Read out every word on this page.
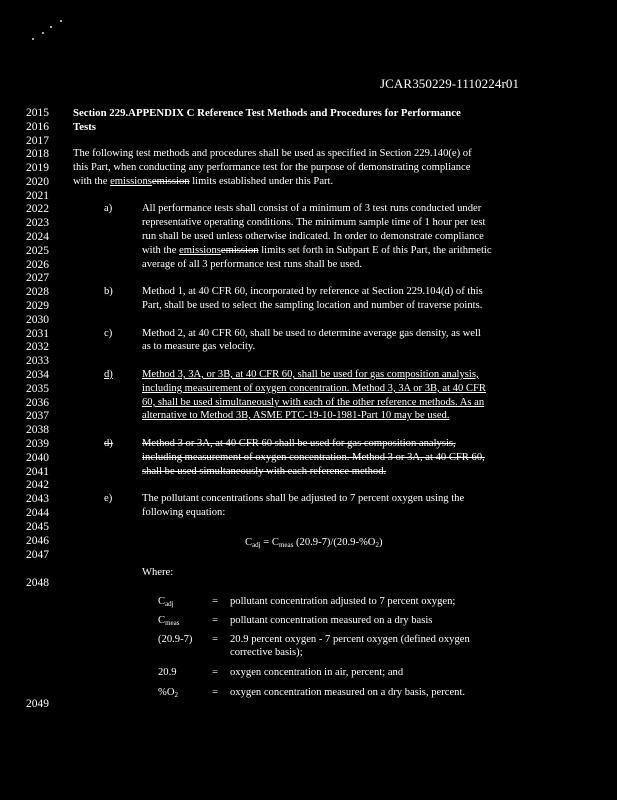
JCAR350229-1110224r01
2015
2016
2017
2018
2019
2020
2021
2022
2023
2024
2025
2026
2027
2028
2029
2030
2031
2032
2033
2034
2035
2036
2037
2038
2039
2040
2041
2042
2043
2044
2045
2046
2047
2048
2049
Section 229.APPENDIX C Reference Test Methods and Procedures for Performance
Tests
The following test methods and procedures shall be used as specified in Section 229.140(e) of
this Part, when conducting any performance test for the purpose of demonstrating compliance
with the emissionsemission limits established under this Part.
a)	All performance tests shall consist of a minimum of 3 test runs conducted under
representative operating conditions. The minimum sample time of 1 hour per test
run shall be used unless otherwise indicated. In order to demonstrate compliance
with the emissionsemission limits set forth in Subpart E of this Part, the arithmetic
average of all 3 performance test runs shall be used.
b)	Method 1, at 40 CFR 60, incorporated by reference at Section 229.104(d) of this
Part, shall be used to select the sampling location and number of traverse points.
c)	Method 2, at 40 CFR 60, shall be used to determine average gas density, as well
as to measure gas velocity.
d)	Method 3, 3A, or 3B, at 40 CFR 60, shall be used for gas composition analysis,
including measurement of oxygen concentration. Method 3, 3A or 3B, at 40 CFR
60, shall be used simultaneously with each of the other reference methods. As an
alternative to Method 3B, ASME PTC-19-10-1981-Part 10 may be used.
d)	Method 3 or 3A, at 40 CFR 60 shall be used for gas composition analysis,
including measurement of oxygen concentration. Method 3 or 3A, at 40 CFR 60,
shall be used simultaneously with each reference method.
e)	The pollutant concentrations shall be adjusted to 7 percent oxygen using the
following equation:
$C_{adj} = C_{meas}$ $(20.9-7)/(20.9-\%O_2)$
Where:
$C_{adj}$	= pollutant concentration adjusted to 7 percent oxygen;
$C_{meas}$	= pollutant concentration measured on a dry basis
(20.9-7) = 20.9 percent oxygen - 7 percent oxygen (defined oxygen
corrective basis);
20.9	= oxygen concentration in air, percent; and
$\%O_2$	= oxygen concentration measured on a dry basis, percent.
